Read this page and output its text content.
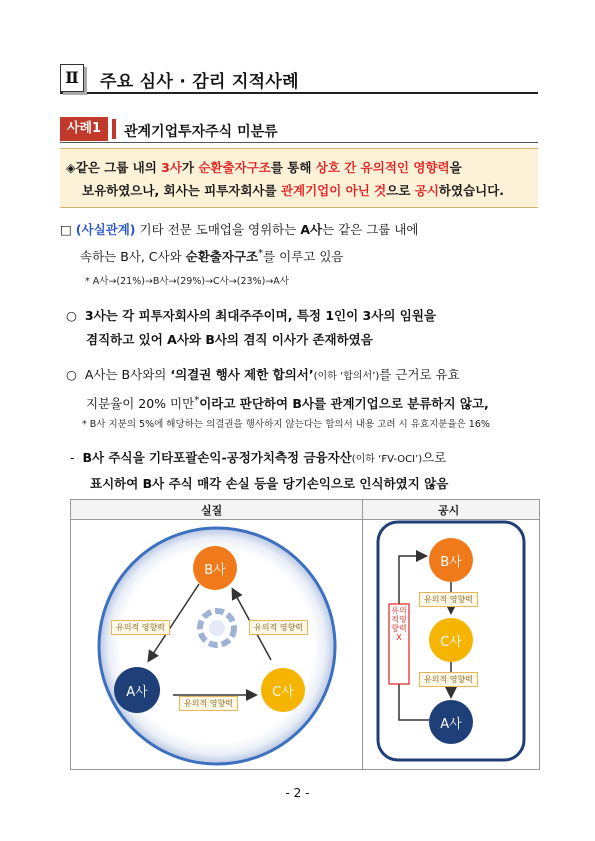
Ⅱ	주요 심사 · 감리 지적사례
사례1	관계기업투자주식 미분류
◈같은 그룹 내의 3사가 순환출자구조를 통해 상호 간 유의적인 영향력을
보유하였으나, 회사는 피투자회사를 관계기업이 아닌 것으로 공시하였습니다.
□ (사실관계) 기타 전문 도매업을 영위하는 A사는 같은 그룹 내에
속하는 B사, C사와 순환출자구조*를 이루고 있음
* A사→(21%)→B사→(29%)→C사→(23%)→A사
○ 3사는 각 피투자회사의 최대주주이며, 특정 1인이 3사의 임원을
겸직하고 있어 A사와 B사의 겸직 이사가 존재하였음
○ A사는 B사와의 ‘의결권 행사 제한 합의서’(이하 ‘합의서’)를 근거로 유효
지분율이 20% 미만*이라고 판단하여 B사를 관계기업으로 분류하지 않고,
* B사 지분의 5%에 해당하는 의결권을 행사하지 않는다는 합의서 내용 고려 시 유효지분율은 16%
- B사 주식을 기타포괄손익-공정가치측정 금융자산(이하 ‘FV-OCI’)으로
표시하여 B사 주식 매각 손실 등을 당기손익으로 인식하였지 않음
실질	공시
B사
A사	C사
유의적 영향력	유의적 영향력
유의적 영향력
B사
C사
A사
유의적 영향력
유의적 영향력
유의적영향력X
- 2 -
